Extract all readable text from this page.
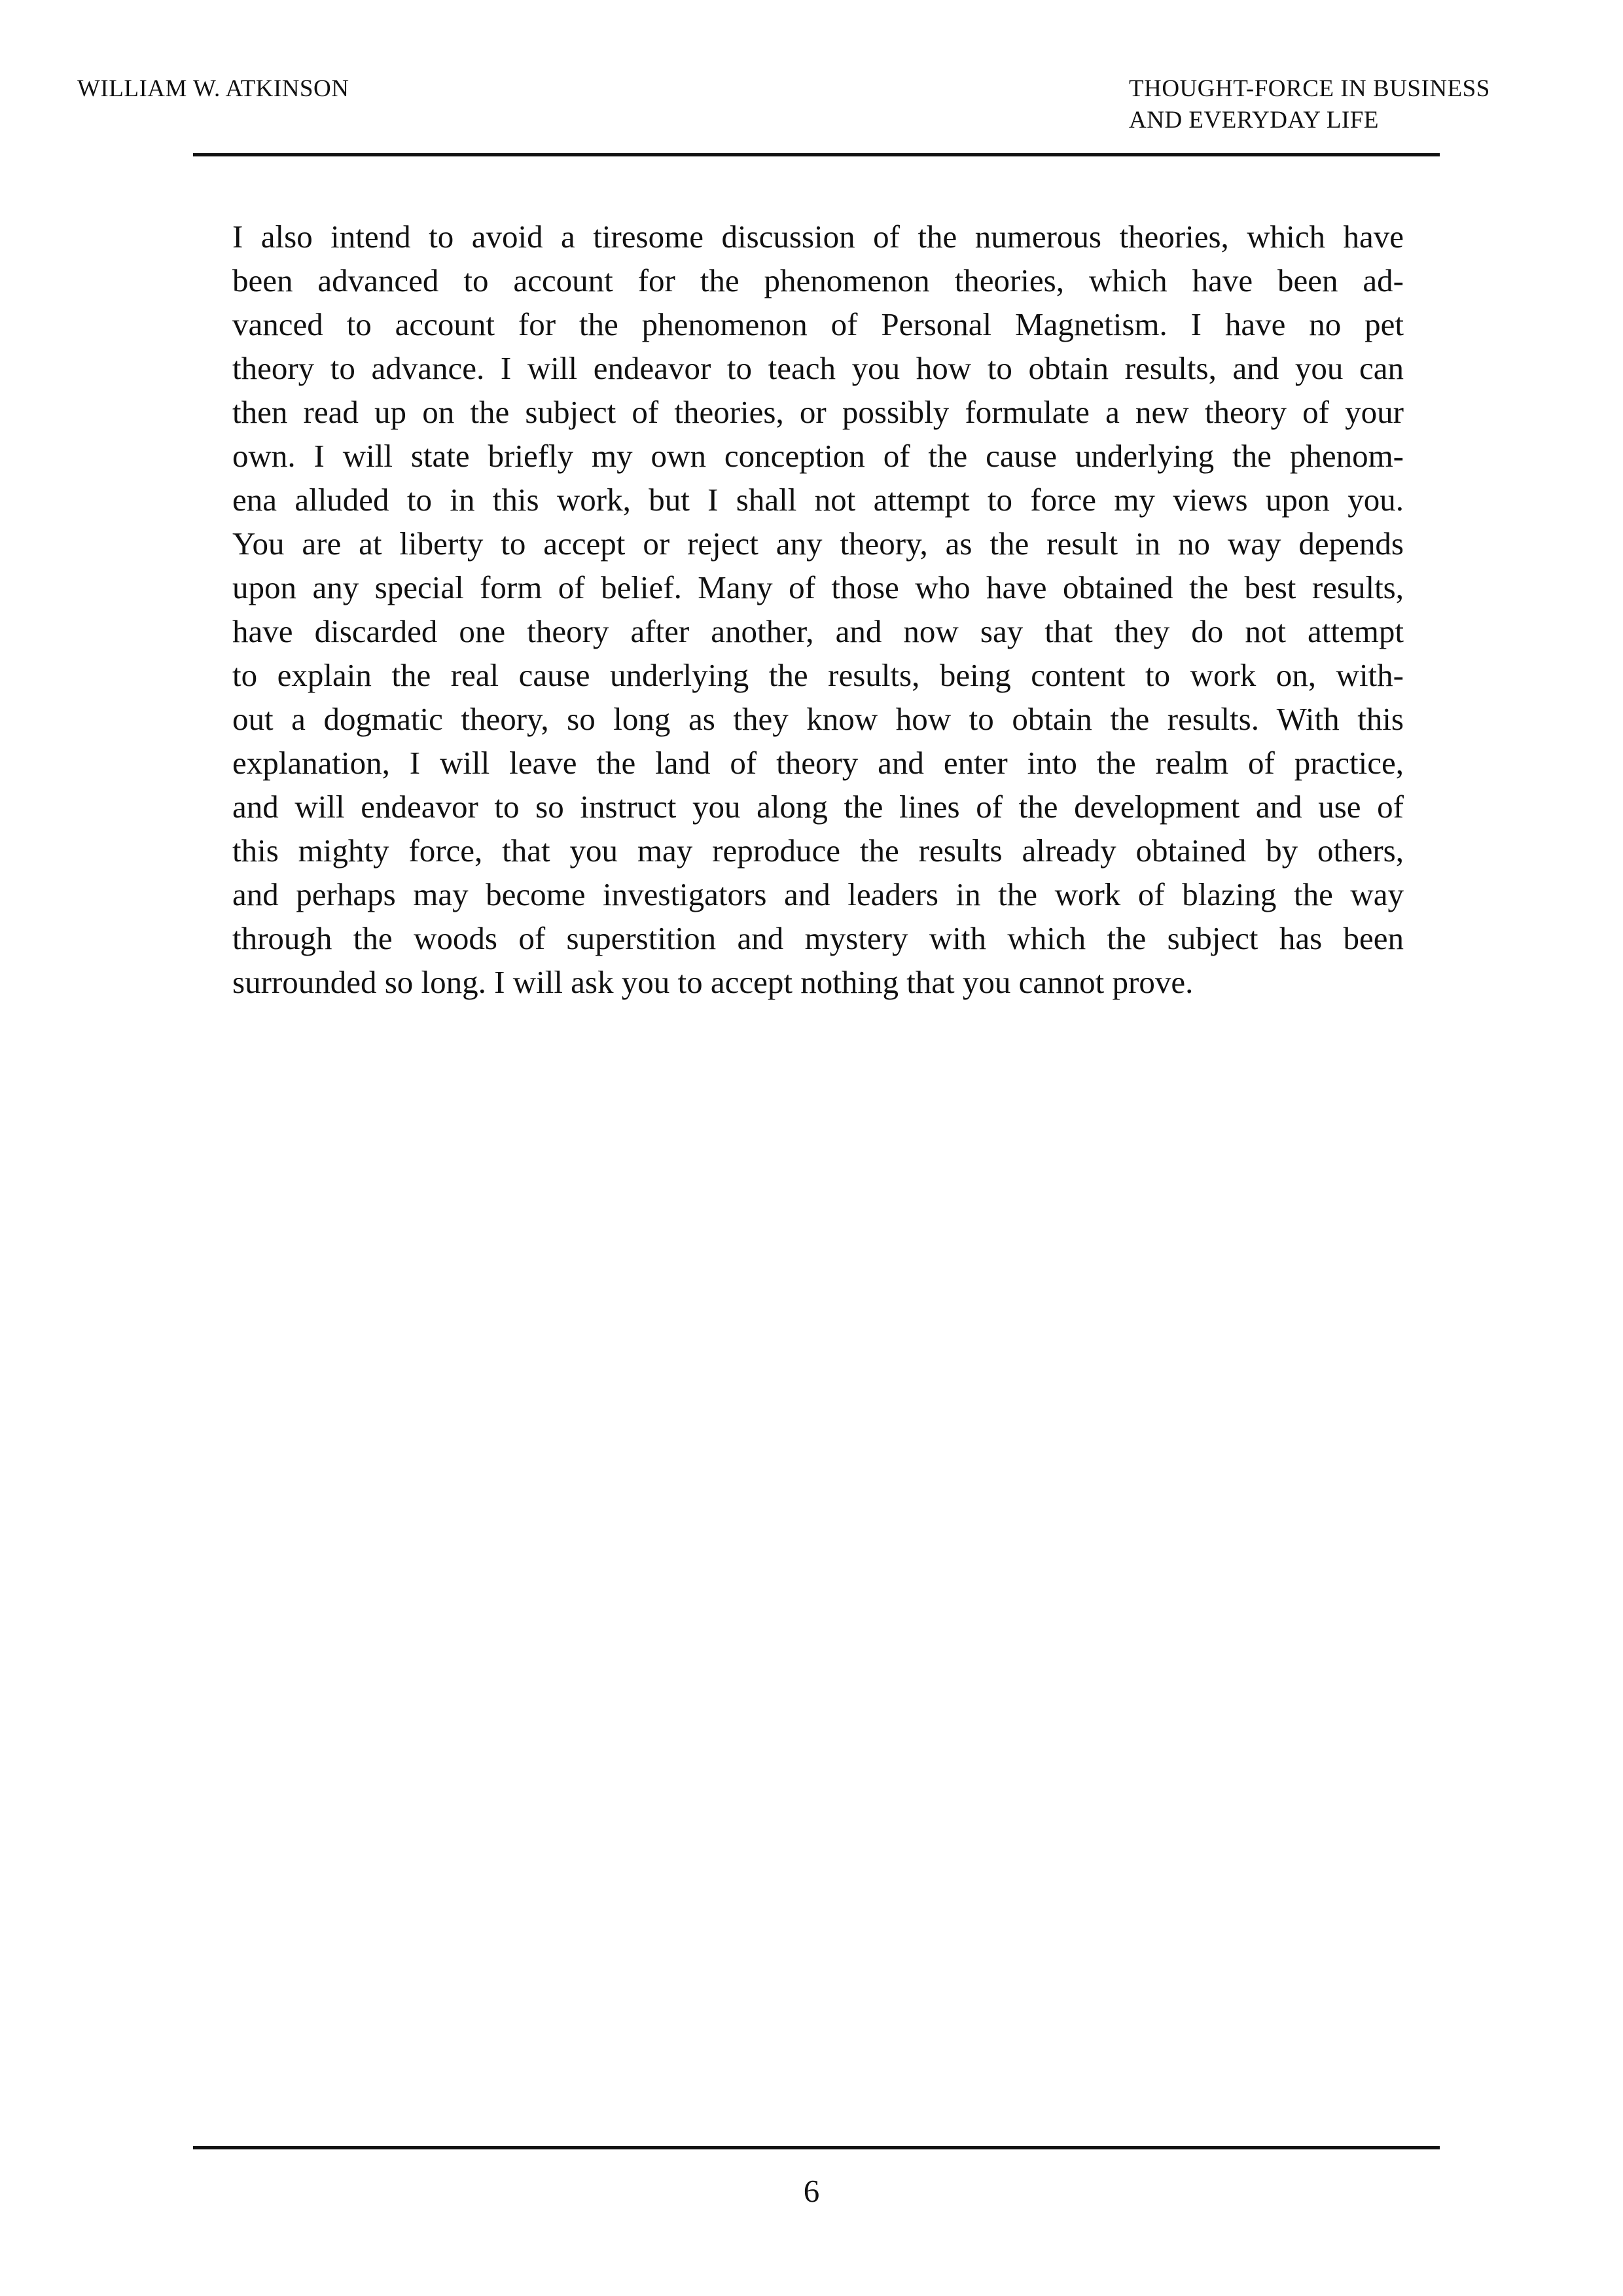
WILLIAM W. ATKINSON	THOUGHT-FORCE IN BUSINESS
AND EVERYDAY LIFE
I also intend to avoid a tiresome discussion of the numerous theories, which have
been advanced to account for the phenomenon theories, which have been ad-
vanced to account for the phenomenon of Personal Magnetism. I have no pet
theory to advance. I will endeavor to teach you how to obtain results, and you can
then read up on the subject of theories, or possibly formulate a new theory of your
own. I will state briefly my own conception of the cause underlying the phenom-
ena alluded to in this work, but I shall not attempt to force my views upon you.
You are at liberty to accept or reject any theory, as the result in no way depends
upon any special form of belief. Many of those who have obtained the best results,
have discarded one theory after another, and now say that they do not attempt
to explain the real cause underlying the results, being content to work on, with-
out a dogmatic theory, so long as they know how to obtain the results. With this
explanation, I will leave the land of theory and enter into the realm of practice,
and will endeavor to so instruct you along the lines of the development and use of
this mighty force, that you may reproduce the results already obtained by others,
and perhaps may become investigators and leaders in the work of blazing the way
through the woods of superstition and mystery with which the subject has been
surrounded so long. I will ask you to accept nothing that you cannot prove.
6
